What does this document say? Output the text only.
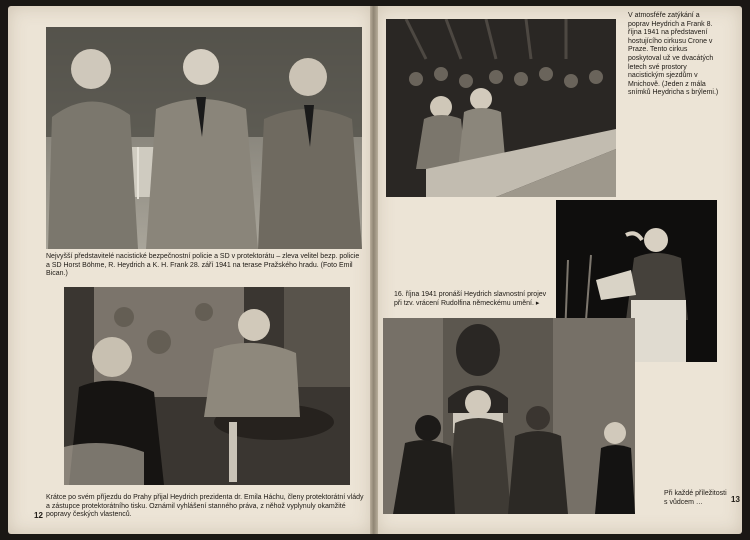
Nejvyšší představitelé nacistické bezpečnostní policie a SD v protektorátu – zleva velitel bezp. policie a SD Horst Böhme, R. Heydrich a K. H. Frank 28. září 1941 na terase Pražského hradu. (Foto Emil Bican.)

Krátce po svém příjezdu do Prahy přijal Heydrich prezidenta dr. Emila Háchu, členy protektorátní vlády a zástupce protektorátního tisku. Oznámil vyhlášení stanného práva, z něhož vyplynuly okamžité popravy českých vlastenců.

12

V atmosféře zatýkání a poprav Heydrich a Frank 8. října 1941 na představení hostujícího cirkusu Crone v Praze. Tento cirkus poskytoval už ve dvacátých letech své prostory nacistickým sjezdům v Mnichově. (Jeden z mála snímků Heydricha s brýlemi.)

16. října 1941 pronáší Heydrich slavnostní projev při tzv. vrácení Rudolfina německému umění. ▸

Při každé příležitosti s vůdcem …	13
